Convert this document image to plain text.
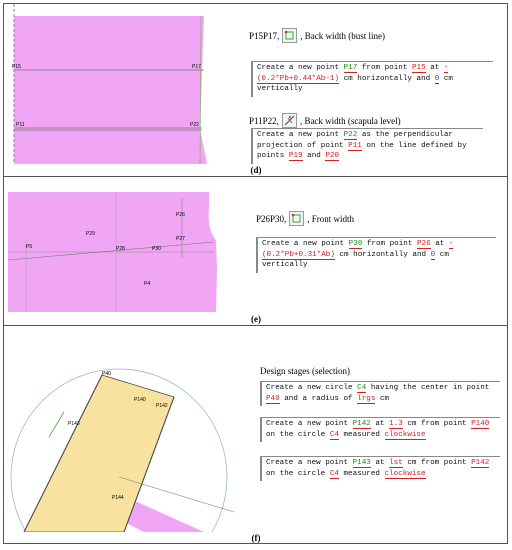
P15	P17
P11	P22
P15P17, , Back width (bust line)
Create a new point P17 from point P15 at -(0.2*Pb+0.44*Ab-1) cm horizontally and 0 cm vertically
P11P22, , Back width (scapula level)
Create a new point P22 as the perpendicular projection of point P11 on the line defined by points P19 and P20
(d)
P29
P26
P27
P28	P30
P5
P4
P26P30, , Front width
Create a new point P30 from point P26 at -(0.2*Pb+0.31*Ab) cm horizontally and 0 cm vertically
(e)
P40
P140
P142
P143
P144
Design stages (selection)
Create a new circle C4 having the center in point P40 and a radius of lrgs cm
Create a new point P142 at 1.3 cm from point P140 on the circle C4 measured clockwise
Create a new point P143 at lst cm from point P142 on the circle C4 measured clockwise
(f)
